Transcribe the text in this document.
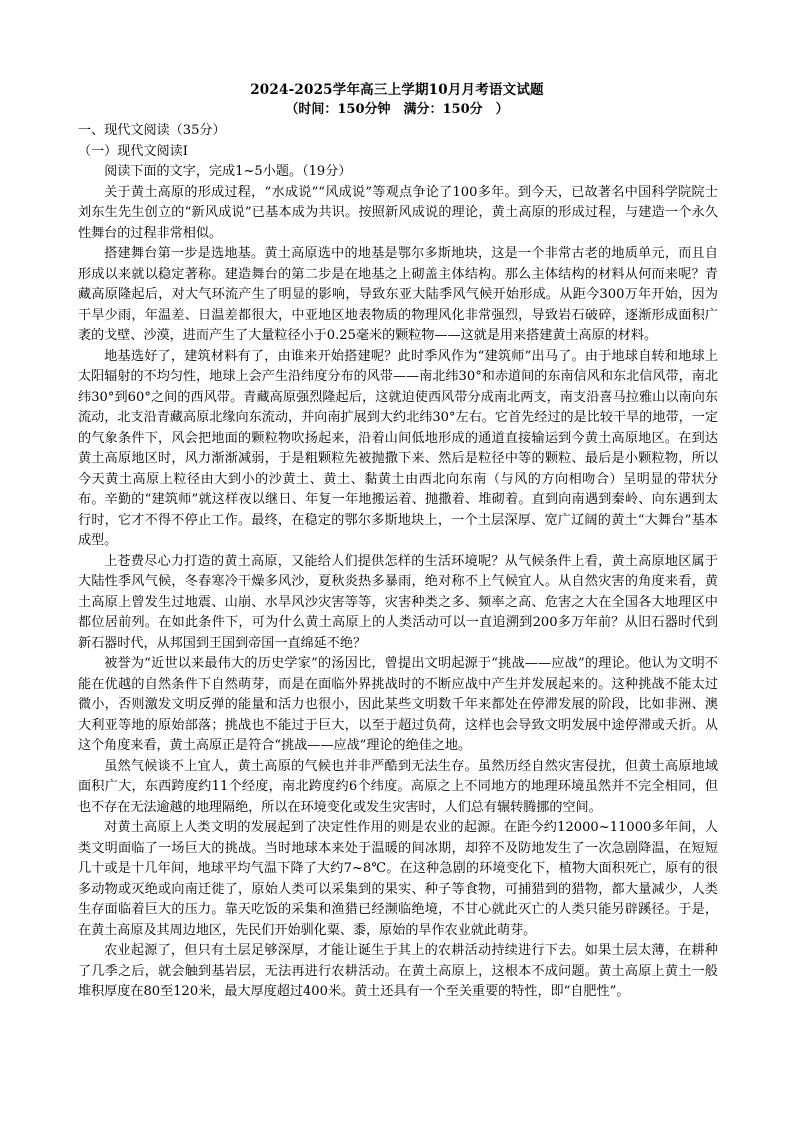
2024-2025学年高三上学期10月月考语文试题
（时间：150分钟　满分：150分　）

一、现代文阅读（35分）

（一）现代文阅读Ⅰ

阅读下面的文字，完成1~5小题。（19分）

关于黄土高原的形成过程，“水成说”“风成说”等观点争论了100多年。到今天，已故著名中国科学院院士刘东生先生创立的“新风成说”已基本成为共识。按照新风成说的理论，黄土高原的形成过程，与建造一个永久性舞台的过程非常相似。

搭建舞台第一步是选地基。黄土高原选中的地基是鄂尔多斯地块，这是一个非常古老的地质单元，而且自形成以来就以稳定著称。建造舞台的第二步是在地基之上砌盖主体结构。那么主体结构的材料从何而来呢？青藏高原隆起后，对大气环流产生了明显的影响，导致东亚大陆季风气候开始形成。从距今300万年开始，因为干旱少雨，年温差、日温差都很大，中亚地区地表物质的物理风化非常强烈，导致岩石破碎，逐渐形成面积广袤的戈壁、沙漠，进而产生了大量粒径小于0.25毫米的颗粒物——这就是用来搭建黄土高原的材料。

地基选好了，建筑材料有了，由谁来开始搭建呢？此时季风作为“建筑师”出马了。由于地球自转和地球上太阳辐射的不均匀性，地球上会产生沿纬度分布的风带——南北纬30°和赤道间的东南信风和东北信风带，南北纬30°到60°之间的西风带。青藏高原强烈隆起后，这就迫使西风带分成南北两支，南支沿喜马拉雅山以南向东流动，北支沿青藏高原北缘向东流动，并向南扩展到大约北纬30°左右。它首先经过的是比较干旱的地带，一定的气象条件下，风会把地面的颗粒物吹扬起来，沿着山间低地形成的通道直接输运到今黄土高原地区。在到达黄土高原地区时，风力渐渐减弱，于是粗颗粒先被抛撒下来、然后是粒径中等的颗粒、最后是小颗粒物，所以今天黄土高原上粒径由大到小的沙黄土、黄土、黏黄土由西北向东南（与风的方向相吻合）呈明显的带状分布。辛勤的“建筑师”就这样夜以继日、年复一年地搬运着、抛撒着、堆砌着。直到向南遇到秦岭、向东遇到太行时，它才不得不停止工作。最终，在稳定的鄂尔多斯地块上，一个土层深厚、宽广辽阔的黄土“大舞台”基本成型。

上苍费尽心力打造的黄土高原，又能给人们提供怎样的生活环境呢？从气候条件上看，黄土高原地区属于大陆性季风气候，冬春寒冷干燥多风沙，夏秋炎热多暴雨，绝对称不上气候宜人。从自然灾害的角度来看，黄土高原上曾发生过地震、山崩、水旱风沙灾害等等，灾害种类之多、频率之高、危害之大在全国各大地理区中都位居前列。在如此条件下，可为什么黄土高原上的人类活动可以一直追溯到200多万年前？从旧石器时代到新石器时代，从邦国到王国到帝国一直绵延不绝？

被誉为“近世以来最伟大的历史学家”的汤因比，曾提出文明起源于“挑战——应战”的理论。他认为文明不能在优越的自然条件下自然萌芽，而是在面临外界挑战时的不断应战中产生并发展起来的。这种挑战不能太过微小，否则激发文明反弹的能量和活力也很小，因此某些文明数千年来都处在停滞发展的阶段，比如非洲、澳大利亚等地的原始部落；挑战也不能过于巨大，以至于超过负荷，这样也会导致文明发展中途停滞或夭折。从这个角度来看，黄土高原正是符合“挑战——应战”理论的绝佳之地。

虽然气候谈不上宜人，黄土高原的气候也并非严酷到无法生存。虽然历经自然灾害侵扰，但黄土高原地域面积广大，东西跨度约11个经度，南北跨度约6个纬度。高原之上不同地方的地理环境虽然并不完全相同，但也不存在无法逾越的地理隔绝，所以在环境变化或发生灾害时，人们总有辗转腾挪的空间。

对黄土高原上人类文明的发展起到了决定性作用的则是农业的起源。在距今约12000~11000多年间，人类文明面临了一场巨大的挑战。当时地球本来处于温暖的间冰期，却猝不及防地发生了一次急剧降温，在短短几十或是十几年间，地球平均气温下降了大约7~8℃。在这种急剧的环境变化下，植物大面积死亡，原有的很多动物或灭绝或向南迁徙了，原始人类可以采集到的果实、种子等食物，可捕猎到的猎物，都大量减少，人类生存面临着巨大的压力。靠天吃饭的采集和渔猎已经濒临绝境，不甘心就此灭亡的人类只能另辟蹊径。于是，在黄土高原及其周边地区，先民们开始驯化粟、黍，原始的旱作农业就此萌芽。

农业起源了，但只有土层足够深厚，才能让诞生于其上的农耕活动持续进行下去。如果土层太薄，在耕种了几季之后，就会触到基岩层，无法再进行农耕活动。在黄土高原上，这根本不成问题。黄土高原上黄土一般堆积厚度在80至120米，最大厚度超过400米。黄土还具有一个至关重要的特性，即“自肥性”。
